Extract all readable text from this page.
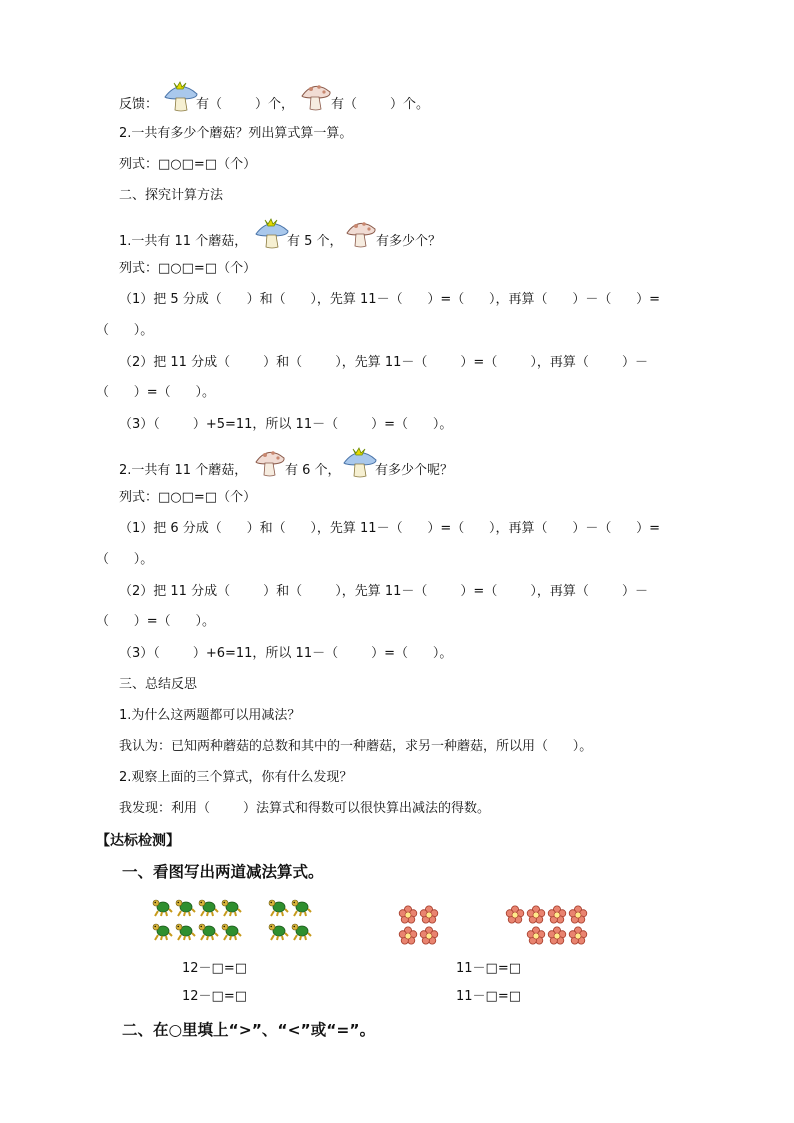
反馈：	有（        ）个，	有（        ）个。
2.一共有多少个蘑菇？列出算式算一算。
列式：□○□=□（个）
二、探究计算方法
1.一共有 11 个蘑菇，	有 5 个，	有多少个？
列式：□○□=□（个）
（1）把 5 分成（      ）和（      ），先算 11－（      ）=（      ），再算（      ）－（      ）=
（      ）。
（2）把 11 分成（        ）和（        ），先算 11－（        ）=（        ），再算（        ）－
（      ）=（      ）。
（3）（        ）+5=11，所以 11－（        ）=（      ）。
2.一共有 11 个蘑菇，	有 6 个，	有多少个呢？
列式：□○□=□（个）
（1）把 6 分成（      ）和（      ），先算 11－（      ）=（      ），再算（      ）－（      ）=
（      ）。
（2）把 11 分成（        ）和（        ），先算 11－（        ）=（        ），再算（        ）－
（      ）=（      ）。
（3）（        ）+6=11，所以 11－（        ）=（      ）。
三、总结反思
1.为什么这两题都可以用减法？
我认为：已知两种蘑菇的总数和其中的一种蘑菇，求另一种蘑菇，所以用（      ）。
2.观察上面的三个算式，你有什么发现？
我发现：利用（        ）法算式和得数可以很快算出减法的得数。
【达标检测】
一、看图写出两道减法算式。
12－□=□
12－□=□
11－□=□
11－□=□
二、在○里填上“>”、“<”或“=”。
